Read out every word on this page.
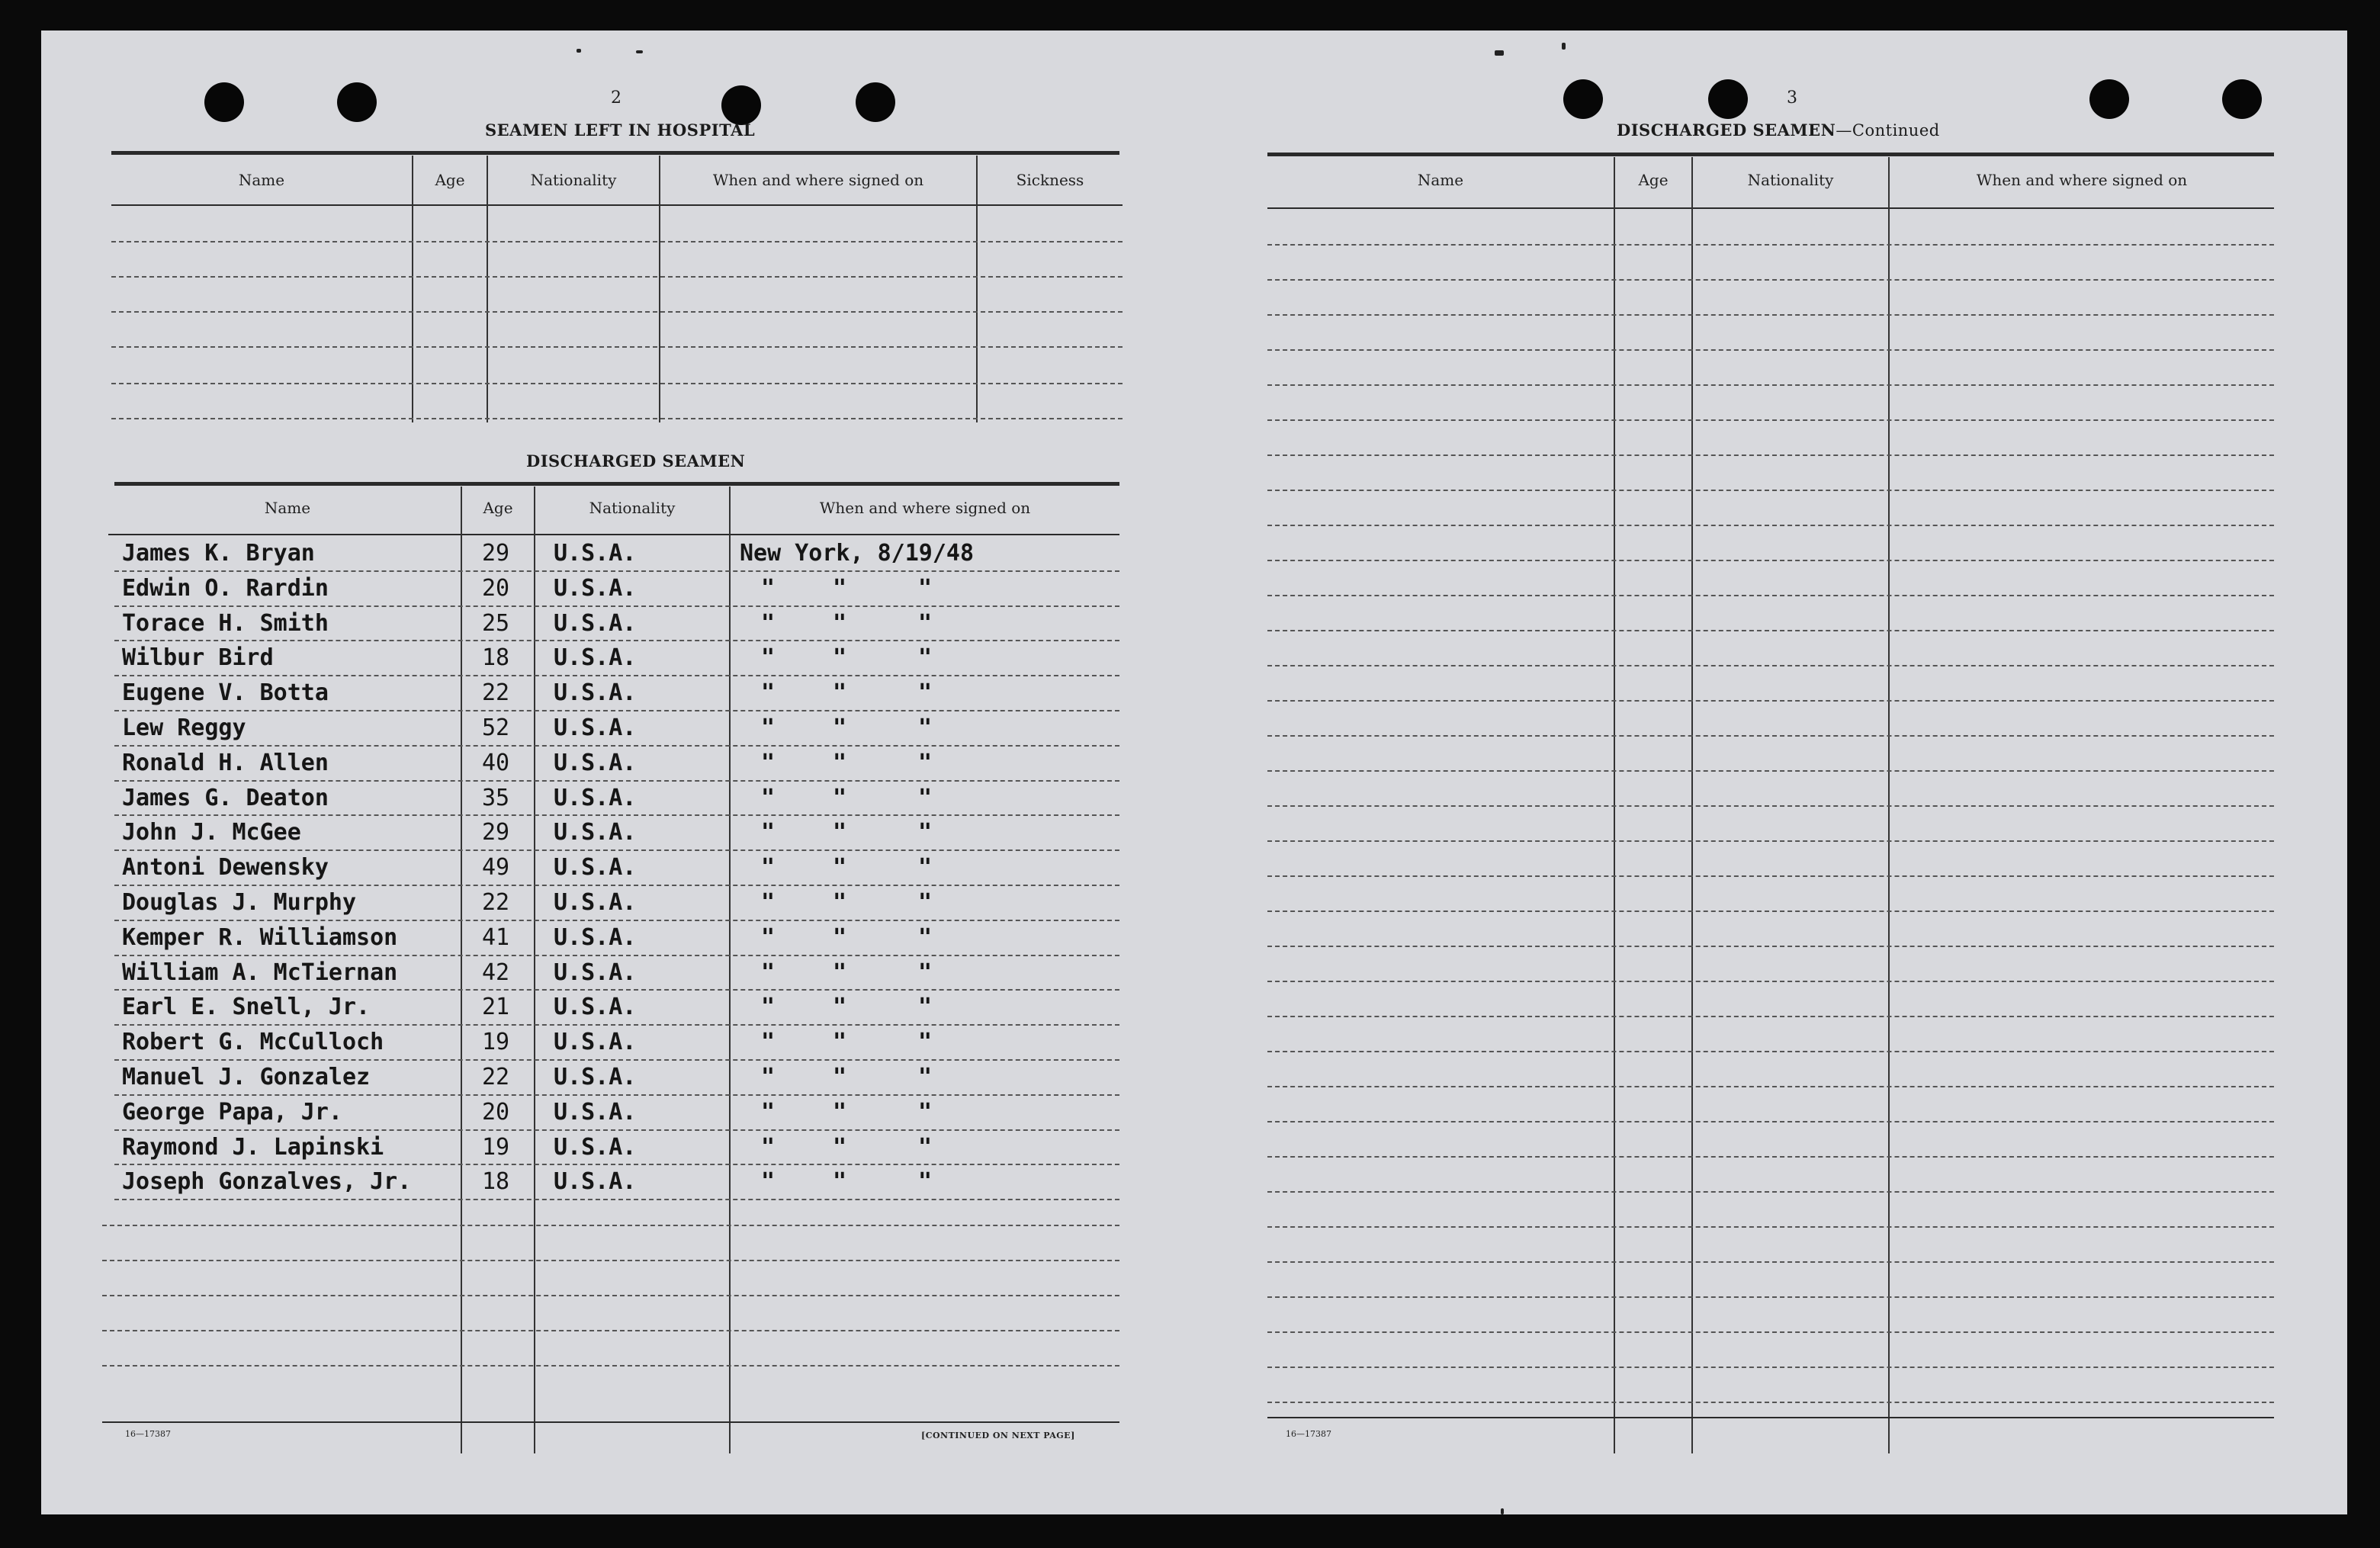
2
SEAMEN LEFT IN HOSPITAL
Name	Age	Nationality	When and where signed on	Sickness
DISCHARGED SEAMEN
Name	Age	Nationality	When and where signed on
James K. Bryan	29 U.S.A.	New York, 8/19/48
Edwin O. Rardin	20 U.S.A.	"	"	"
Torace H. Smith	25 U.S.A.	"	"	"
Wilbur Bird	18 U.S.A.	"	"	"
Eugene V. Botta	22 U.S.A.	"	"	"
Lew Reggy	52 U.S.A.	"	"	"
Ronald H. Allen	40 U.S.A.	"	"	"
James G. Deaton	35 U.S.A.	"	"	"
John J. McGee	29 U.S.A.	"	"	"
Antoni Dewensky	49 U.S.A.	"	"	"
Douglas J. Murphy	22 U.S.A.	"	"	"
Kemper R. Williamson	41 U.S.A.	"	"	"
William A. McTiernan	42 U.S.A.	"	"	"
Earl E. Snell, Jr.	21 U.S.A.	"	"	"
Robert G. McCulloch	19 U.S.A.	"	"	"
Manuel J. Gonzalez	22 U.S.A.	"	"	"
George Papa, Jr.	20 U.S.A.	"	"	"
Raymond J. Lapinski	19 U.S.A.	"	"	"
Joseph Gonzalves, Jr.	18 U.S.A.	"	"	"
16—17387	[CONTINUED ON NEXT PAGE]
3
DISCHARGED SEAMEN—Continued
Name	Age	Nationality	When and where signed on
16—17387
